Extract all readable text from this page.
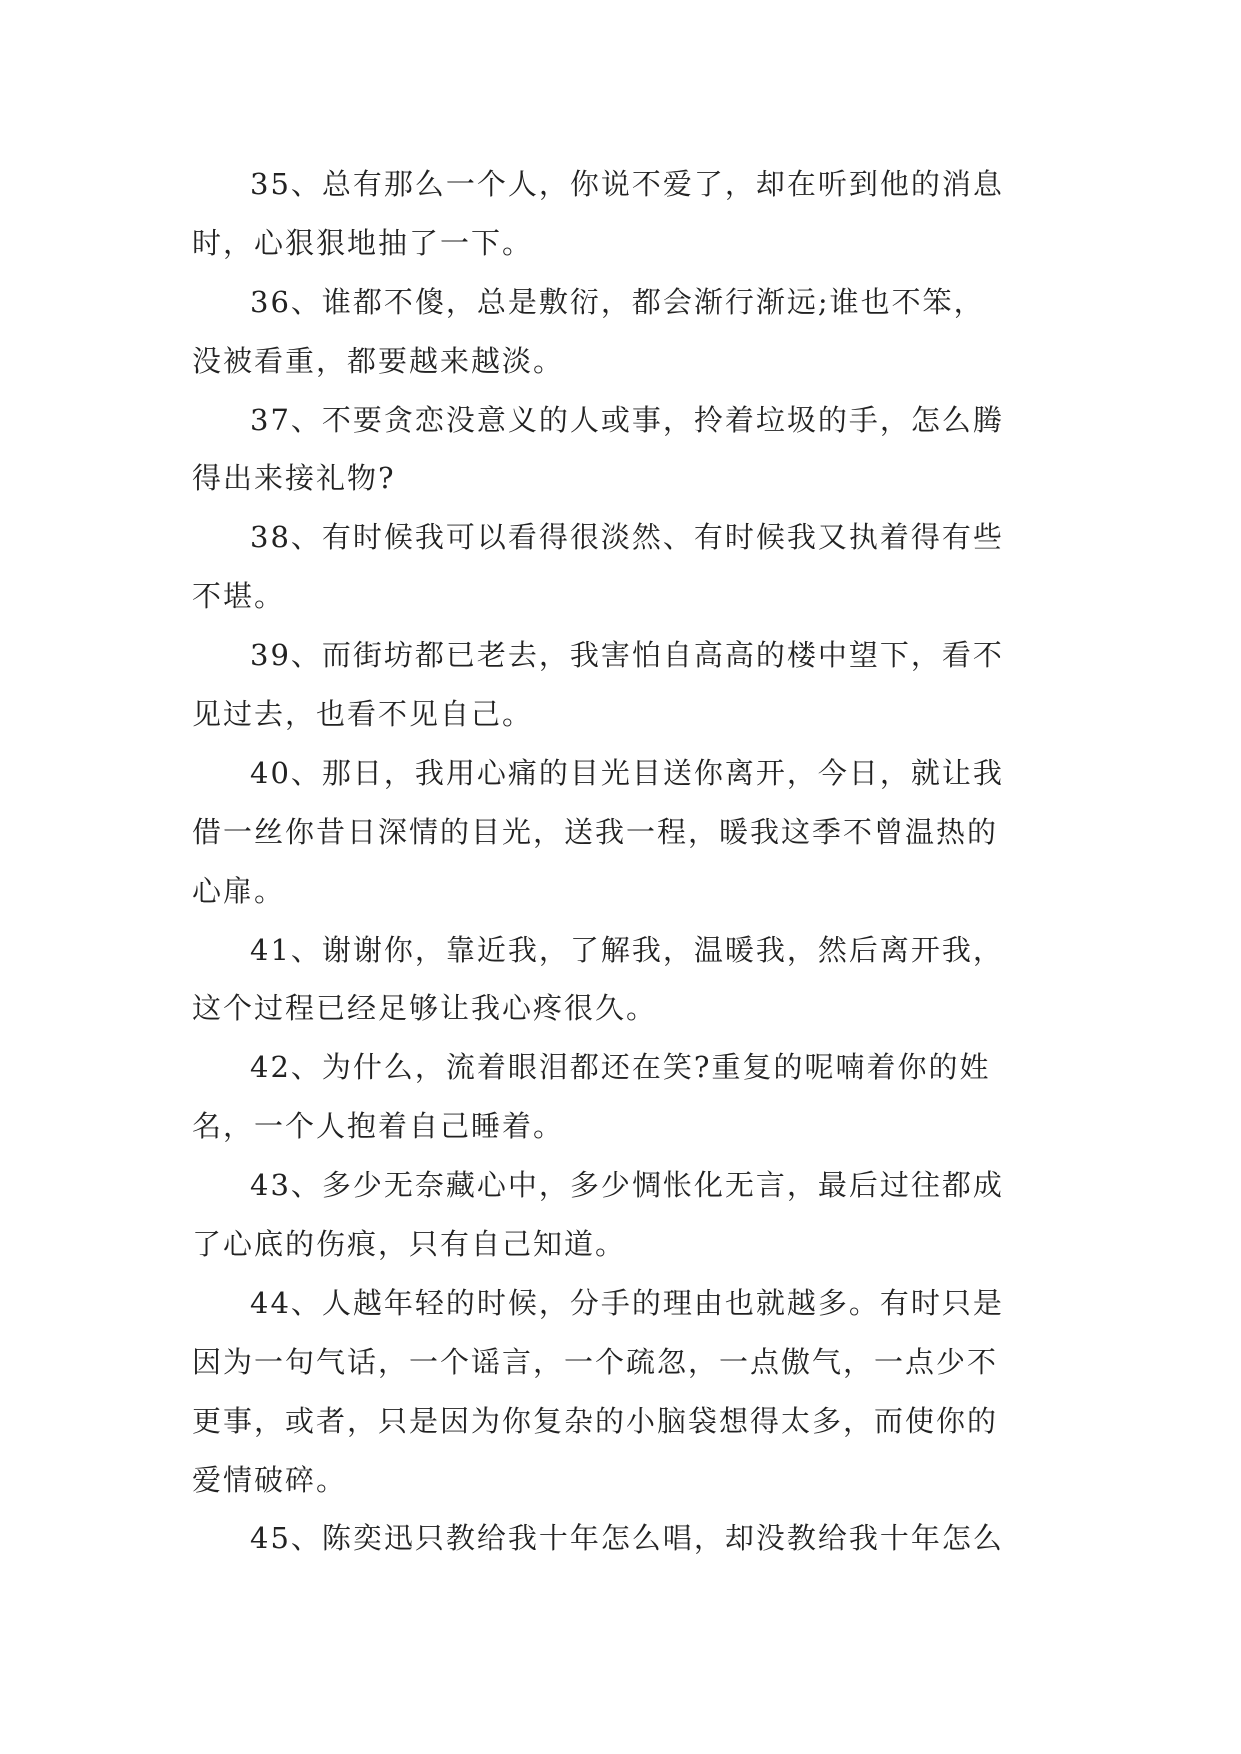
35、总有那么一个人，你说不爱了，却在听到他的消息
时，心狠狠地抽了一下。
36、谁都不傻，总是敷衍，都会渐行渐远;谁也不笨，
没被看重，都要越来越淡。
37、不要贪恋没意义的人或事，拎着垃圾的手，怎么腾
得出来接礼物?
38、有时候我可以看得很淡然、有时候我又执着得有些
不堪。
39、而街坊都已老去，我害怕自高高的楼中望下，看不
见过去，也看不见自己。
40、那日，我用心痛的目光目送你离开，今日，就让我
借一丝你昔日深情的目光，送我一程，暖我这季不曾温热的
心扉。
41、谢谢你，靠近我，了解我，温暖我，然后离开我，
这个过程已经足够让我心疼很久。
42、为什么，流着眼泪都还在笑?重复的呢喃着你的姓
名，一个人抱着自己睡着。
43、多少无奈藏心中，多少惆怅化无言，最后过往都成
了心底的伤痕，只有自己知道。
44、人越年轻的时候，分手的理由也就越多。有时只是
因为一句气话，一个谣言，一个疏忽，一点傲气，一点少不
更事，或者，只是因为你复杂的小脑袋想得太多，而使你的
爱情破碎。
45、陈奕迅只教给我十年怎么唱，却没教给我十年怎么
